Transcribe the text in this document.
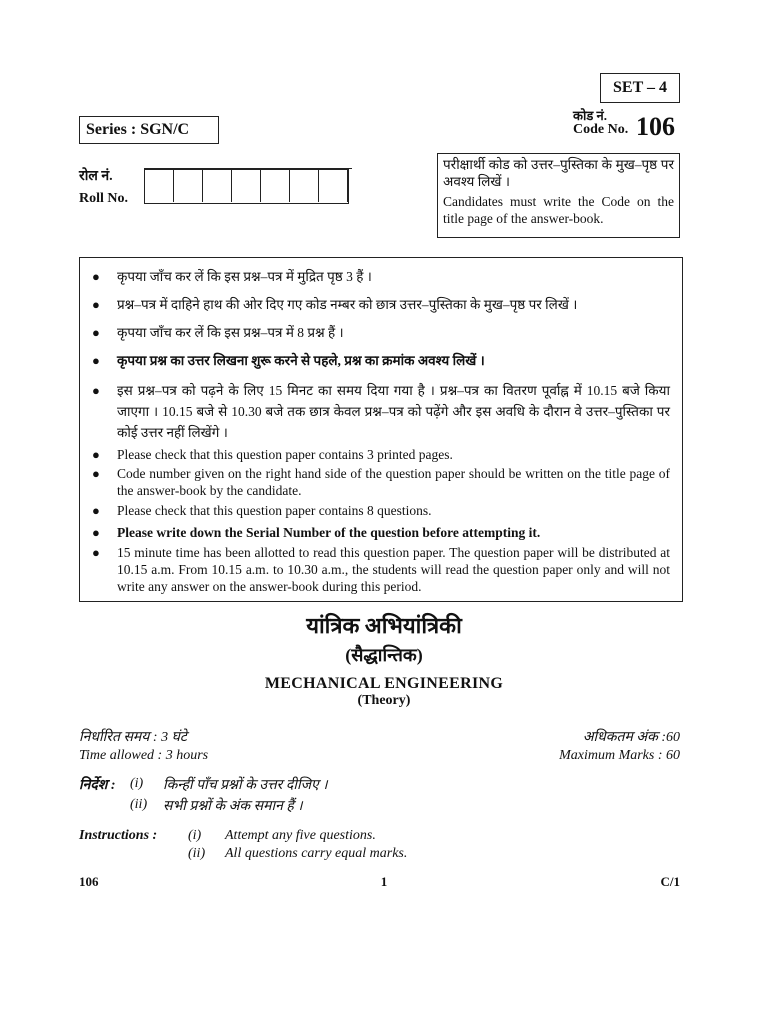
SET – 4
Series : SGN/C
कोड नं.
Code No. 106
रोल नं.
Roll No.

परीक्षार्थी कोड को उत्तर–पुस्तिका के मुख–पृष्ठ पर अवश्य लिखें ।

Candidates must write the Code on the title page of the answer-book.

● कृपया जाँच कर लें कि इस प्रश्न–पत्र में मुद्रित पृष्ठ 3 हैं ।
● प्रश्न–पत्र में दाहिने हाथ की ओर दिए गए कोड नम्बर को छात्र उत्तर–पुस्तिका के मुख–पृष्ठ पर लिखें ।
● कृपया जाँच कर लें कि इस प्रश्न–पत्र में 8 प्रश्न हैं ।
● कृपया प्रश्न का उत्तर लिखना शुरू करने से पहले, प्रश्न का क्रमांक अवश्य लिखें ।
● इस प्रश्न–पत्र को पढ़ने के लिए 15 मिनट का समय दिया गया है । प्रश्न–पत्र का वितरण पूर्वाह्न में 10.15 बजे किया जाएगा । 10.15 बजे से 10.30 बजे तक छात्र केवल प्रश्न–पत्र को पढ़ेंगे और इस अवधि के दौरान वे उत्तर–पुस्तिका पर कोई उत्तर नहीं लिखेंगे ।
● Please check that this question paper contains 3 printed pages.
● Code number given on the right hand side of the question paper should be written on the title page of the answer-book by the candidate.
● Please check that this question paper contains 8 questions.
● Please write down the Serial Number of the question before attempting it.
● 15 minute time has been allotted to read this question paper. The question paper will be distributed at 10.15 a.m. From 10.15 a.m. to 10.30 a.m., the students will read the question paper only and will not write any answer on the answer-book during this period.
यांत्रिक अभियांत्रिकी
(सैद्धान्तिक)
MECHANICAL ENGINEERING
(Theory)
निर्धारित समय : 3 घंटे
Time allowed : 3 hours
अधिकतम अंक :60
Maximum Marks : 60
निर्देश : (i) किन्हीं पाँच प्रश्नों के उत्तर दीजिए ।
(ii) सभी प्रश्नों के अंक समान हैं ।
Instructions : (i) Attempt any five questions.
(ii) All questions carry equal marks.
106	1	C/1
